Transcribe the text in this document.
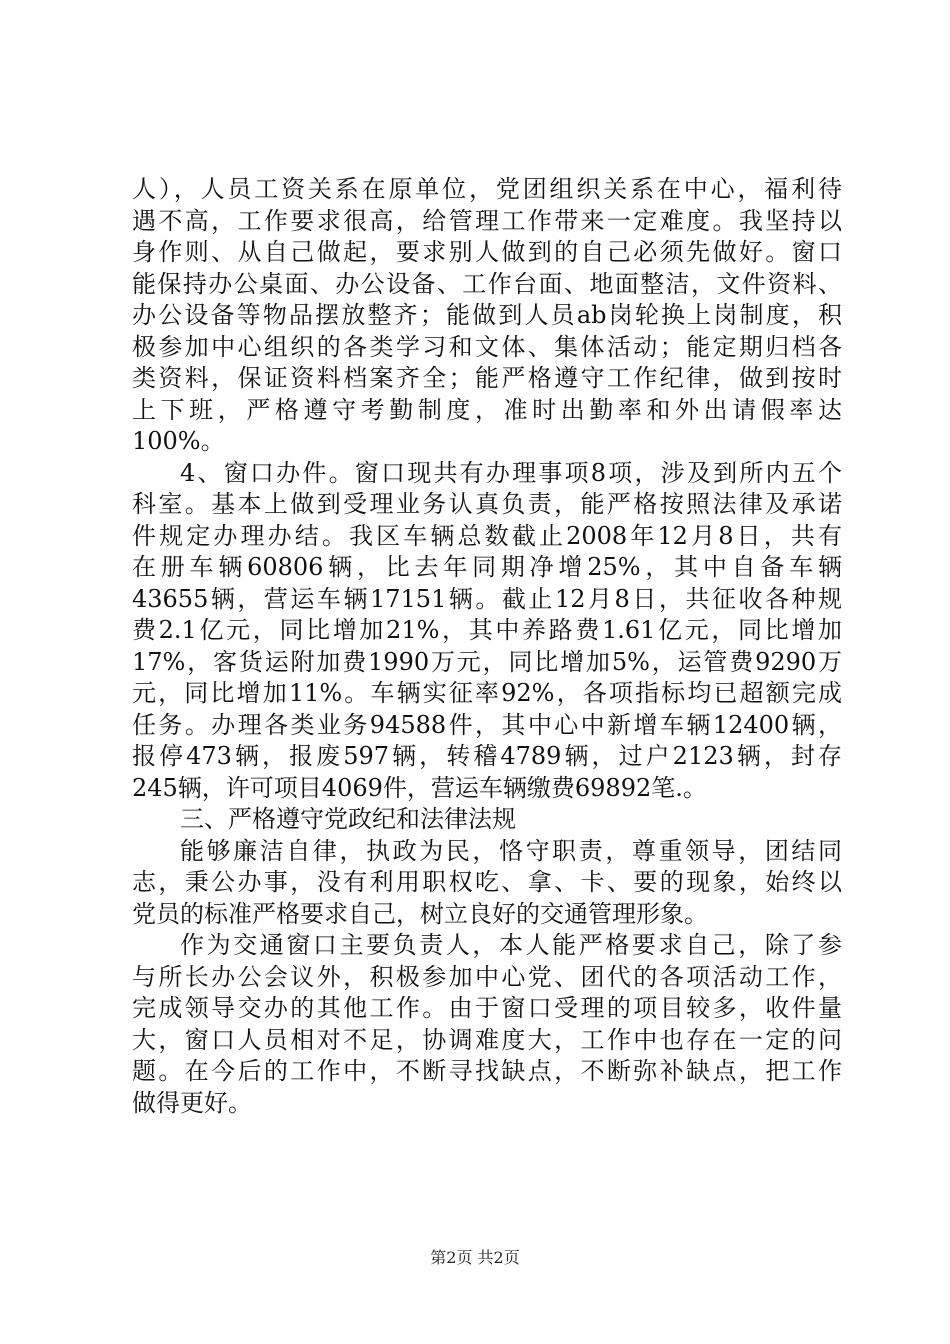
人），人员工资关系在原单位，党团组织关系在中心，福利待
遇不高，工作要求很高，给管理工作带来一定难度。我坚持以
身作则、从自己做起，要求别人做到的自己必须先做好。窗口
能保持办公桌面、办公设备、工作台面、地面整洁，文件资料、
办公设备等物品摆放整齐；能做到人员ab岗轮换上岗制度，积
极参加中心组织的各类学习和文体、集体活动；能定期归档各
类资料，保证资料档案齐全；能严格遵守工作纪律，做到按时
上下班，严格遵守考勤制度，准时出勤率和外出请假率达
100%。
4、窗口办件。窗口现共有办理事项8项，涉及到所内五个
科室。基本上做到受理业务认真负责，能严格按照法律及承诺
件规定办理办结。我区车辆总数截止2008年12月8日，共有
在册车辆60806辆，比去年同期净增25%，其中自备车辆
43655辆，营运车辆17151辆。截止12月8日，共征收各种规
费2.1亿元，同比增加21%，其中养路费1.61亿元，同比增加
17%，客货运附加费1990万元，同比增加5%，运管费9290万
元，同比增加11%。车辆实征率92%，各项指标均已超额完成
任务。办理各类业务94588件，其中心中新增车辆12400辆，
报停473辆，报废597辆，转稽4789辆，过户2123辆，封存
245辆，许可项目4069件，营运车辆缴费69892笔.。
三、严格遵守党政纪和法律法规
能够廉洁自律，执政为民，恪守职责，尊重领导，团结同
志，秉公办事，没有利用职权吃、拿、卡、要的现象，始终以
党员的标准严格要求自己，树立良好的交通管理形象。
作为交通窗口主要负责人，本人能严格要求自己，除了参
与所长办公会议外，积极参加中心党、团代的各项活动工作，
完成领导交办的其他工作。由于窗口受理的项目较多，收件量
大，窗口人员相对不足，协调难度大，工作中也存在一定的问
题。在今后的工作中，不断寻找缺点，不断弥补缺点，把工作
做得更好。
第2页 共2页
